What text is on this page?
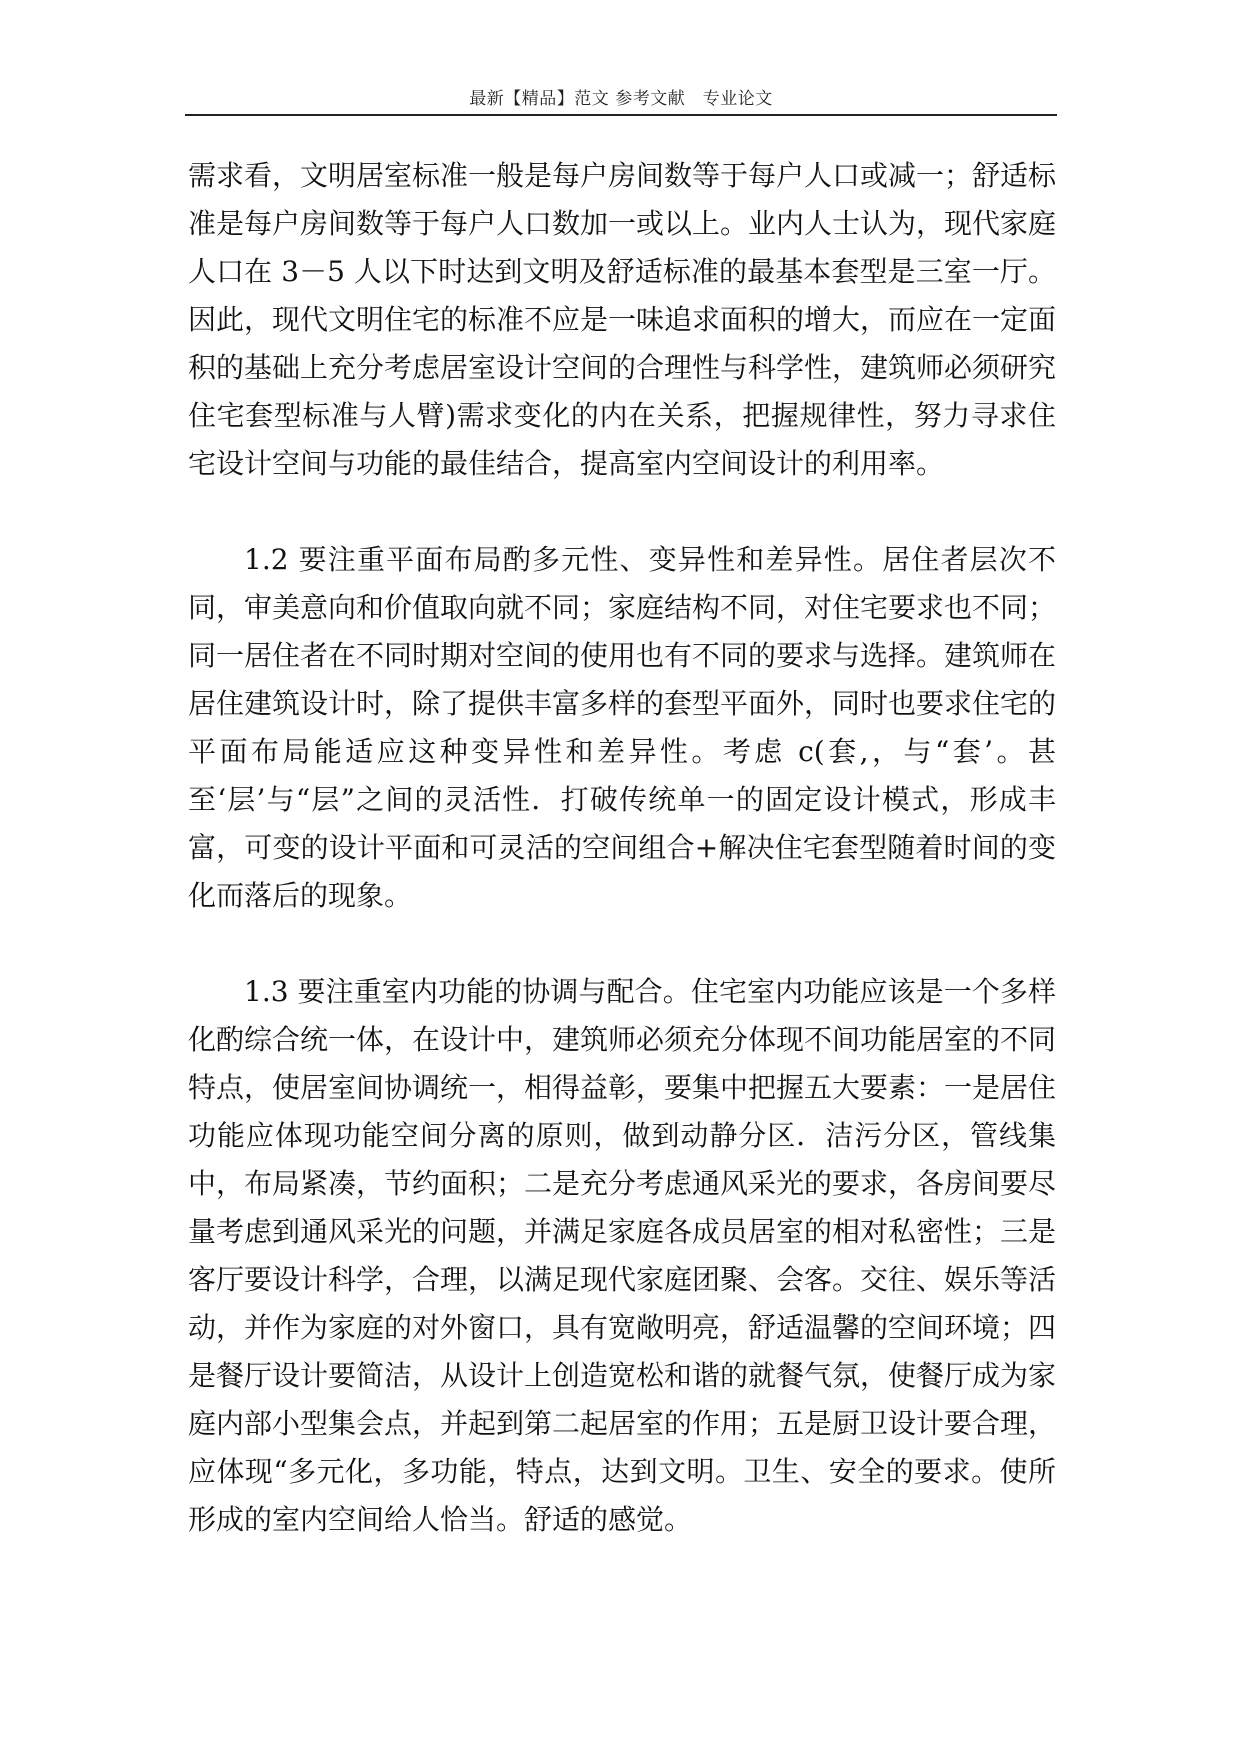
最新【精品】范文 参考文献　专业论文

需求看，文明居室标准一般是每户房间数等于每户人口或减一；舒适标准是每户房间数等于每户人口数加一或以上。业内人士认为，现代家庭人口在 3－5 人以下时达到文明及舒适标准的最基本套型是三室一厅。因此，现代文明住宅的标准不应是一味追求面积的增大，而应在一定面积的基础上充分考虑居室设计空间的合理性与科学性，建筑师必须研究住宅套型标准与人臂)需求变化的内在关系，把握规律性，努力寻求住宅设计空间与功能的最佳结合，提高室内空间设计的利用率。

1.2 要注重平面布局酌多元性、变异性和差异性。居住者层次不同，审美意向和价值取向就不同；家庭结构不同，对住宅要求也不同；同一居住者在不同时期对空间的使用也有不同的要求与选择。建筑师在居住建筑设计时，除了提供丰富多样的套型平面外，同时也要求住宅的平面布局能适应这种变异性和差异性。考虑 c(套,，与“套’。甚至‘层’与“层”之间的灵活性．打破传统单一的固定设计模式，形成丰富，可变的设计平面和可灵活的空间组合+解决住宅套型随着时间的变化而落后的现象。

1.3 要注重室内功能的协调与配合。住宅室内功能应该是一个多样化酌综合统一体，在设计中，建筑师必须充分体现不间功能居室的不同特点，使居室间协调统一，相得益彰，要集中把握五大要素：一是居住功能应体现功能空间分离的原则，做到动静分区．洁污分区，管线集中，布局紧凑，节约面积；二是充分考虑通风采光的要求，各房间要尽量考虑到通风采光的问题，并满足家庭各成员居室的相对私密性；三是客厅要设计科学，合理，以满足现代家庭团聚、会客。交往、娱乐等活动，并作为家庭的对外窗口，具有宽敞明亮，舒适温馨的空间环境；四是餐厅设计要简洁，从设计上创造宽松和谐的就餐气氛，使餐厅成为家庭内部小型集会点，并起到第二起居室的作用；五是厨卫设计要合理，应体现“多元化，多功能，特点，达到文明。卫生、安全的要求。使所形成的室内空间给人恰当。舒适的感觉。
